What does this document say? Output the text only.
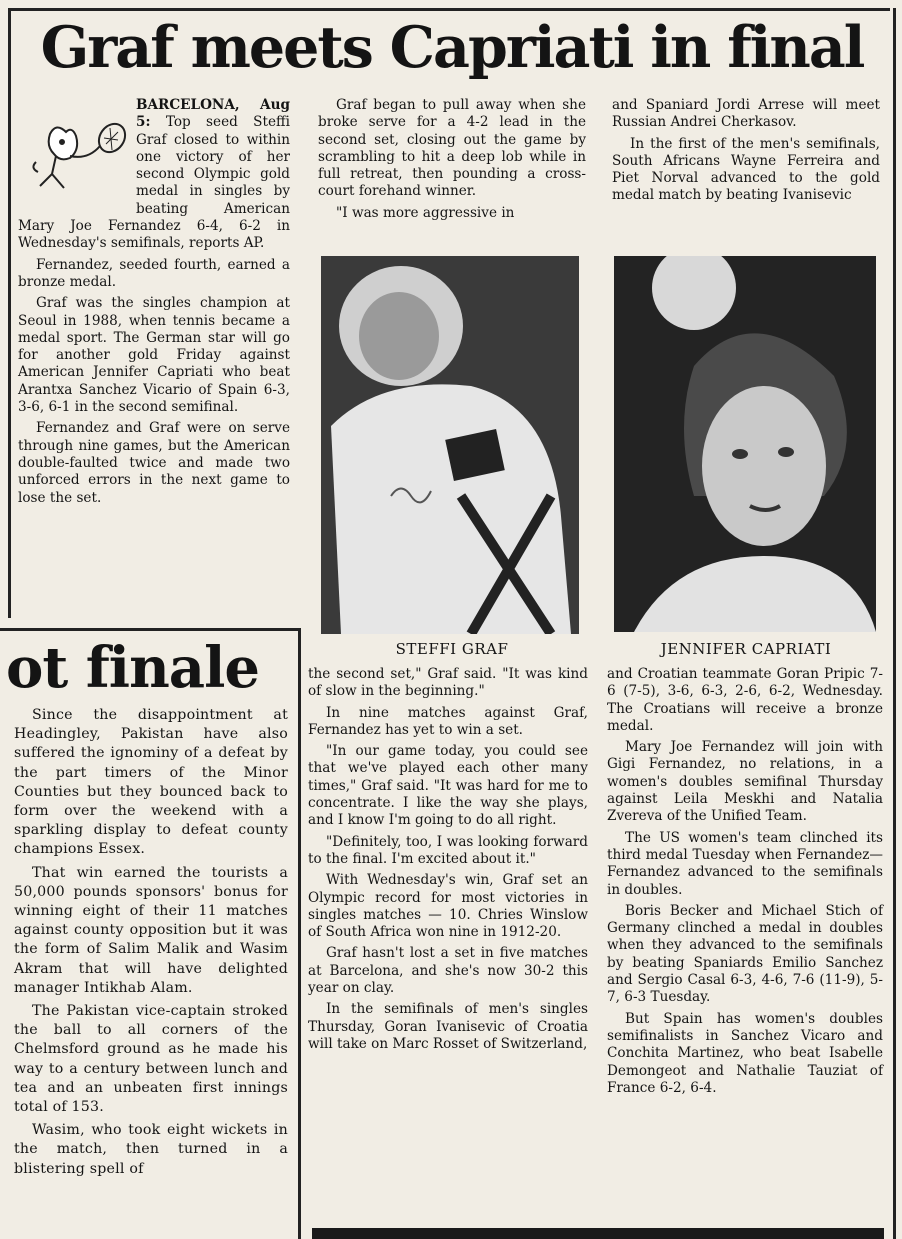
Graf meets Capriati in final

BARCELONA, Aug 5: Top seed Steffi Graf closed to within one victory of her second Olympic gold medal in singles by beating American Mary Joe Fernandez 6-4, 6-2 in Wednesday's semifinals, reports AP.

Fernandez, seeded fourth, earned a bronze medal.

Graf was the singles champion at Seoul in 1988, when tennis became a medal sport. The German star will go for another gold Friday against American Jennifer Capriati who beat Arantxa Sanchez Vicario of Spain 6-3, 3-6, 6-1 in the second semifinal.

Fernandez and Graf were on serve through nine games, but the American double-faulted twice and made two unforced errors in the next game to lose the set.

Graf began to pull away when she broke serve for a 4-2 lead in the second set, closing out the game by scrambling to hit a deep lob while in full retreat, then pounding a cross-court forehand winner.

"I was more aggressive in

and Spaniard Jordi Arrese will meet Russian Andrei Cherkasov.

In the first of the men's semifinals, South Africans Wayne Ferreira and Piet Norval advanced to the gold medal match by beating Ivanisevic

STEFFI GRAF	JENNIFER CAPRIATI

the second set," Graf said. "It was kind of slow in the beginning."

In nine matches against Graf, Fernandez has yet to win a set.

"In our game today, you could see that we've played each other many times," Graf said. "It was hard for me to concentrate. I like the way she plays, and I know I'm going to do all right.

"Definitely, too, I was looking forward to the final. I'm excited about it."

With Wednesday's win, Graf set an Olympic record for most victories in singles matches — 10. Chries Winslow of South Africa won nine in 1912-20.

Graf hasn't lost a set in five matches at Barcelona, and she's now 30-2 this year on clay.

In the semifinals of men's singles Thursday, Goran Ivanisevic of Croatia will take on Marc Rosset of Switzerland,

and Croatian teammate Goran Pripic 7-6 (7-5), 3-6, 6-3, 2-6, 6-2, Wednesday. The Croatians will receive a bronze medal.

Mary Joe Fernandez will join with Gigi Fernandez, no relations, in a women's doubles semifinal Thursday against Leila Meskhi and Natalia Zvereva of the Unified Team.

The US women's team clinched its third medal Tuesday when Fernandez—Fernandez advanced to the semifinals in doubles.

Boris Becker and Michael Stich of Germany clinched a medal in doubles when they advanced to the semifinals by beating Spaniards Emilio Sanchez and Sergio Casal 6-3, 4-6, 7-6 (11-9), 5-7, 6-3 Tuesday.

But Spain has women's doubles semifinalists in Sanchez Vicaro and Conchita Martinez, who beat Isabelle Demongeot and Nathalie Tauziat of France 6-2, 6-4.

ot finale

Since the disappointment at Headingley, Pakistan have also suffered the ignominy of a defeat by the part timers of the Minor Counties but they bounced back to form over the weekend with a sparkling display to defeat county champions Essex.

That win earned the tourists a 50,000 pounds sponsors' bonus for winning eight of their 11 matches against county opposition but it was the form of Salim Malik and Wasim Akram that will have delighted manager Intikhab Alam.

The Pakistan vice-captain stroked the ball to all corners of the Chelmsford ground as he made his way to a century between lunch and tea and an unbeaten first innings total of 153.

Wasim, who took eight wickets in the match, then turned in a blistering spell of
